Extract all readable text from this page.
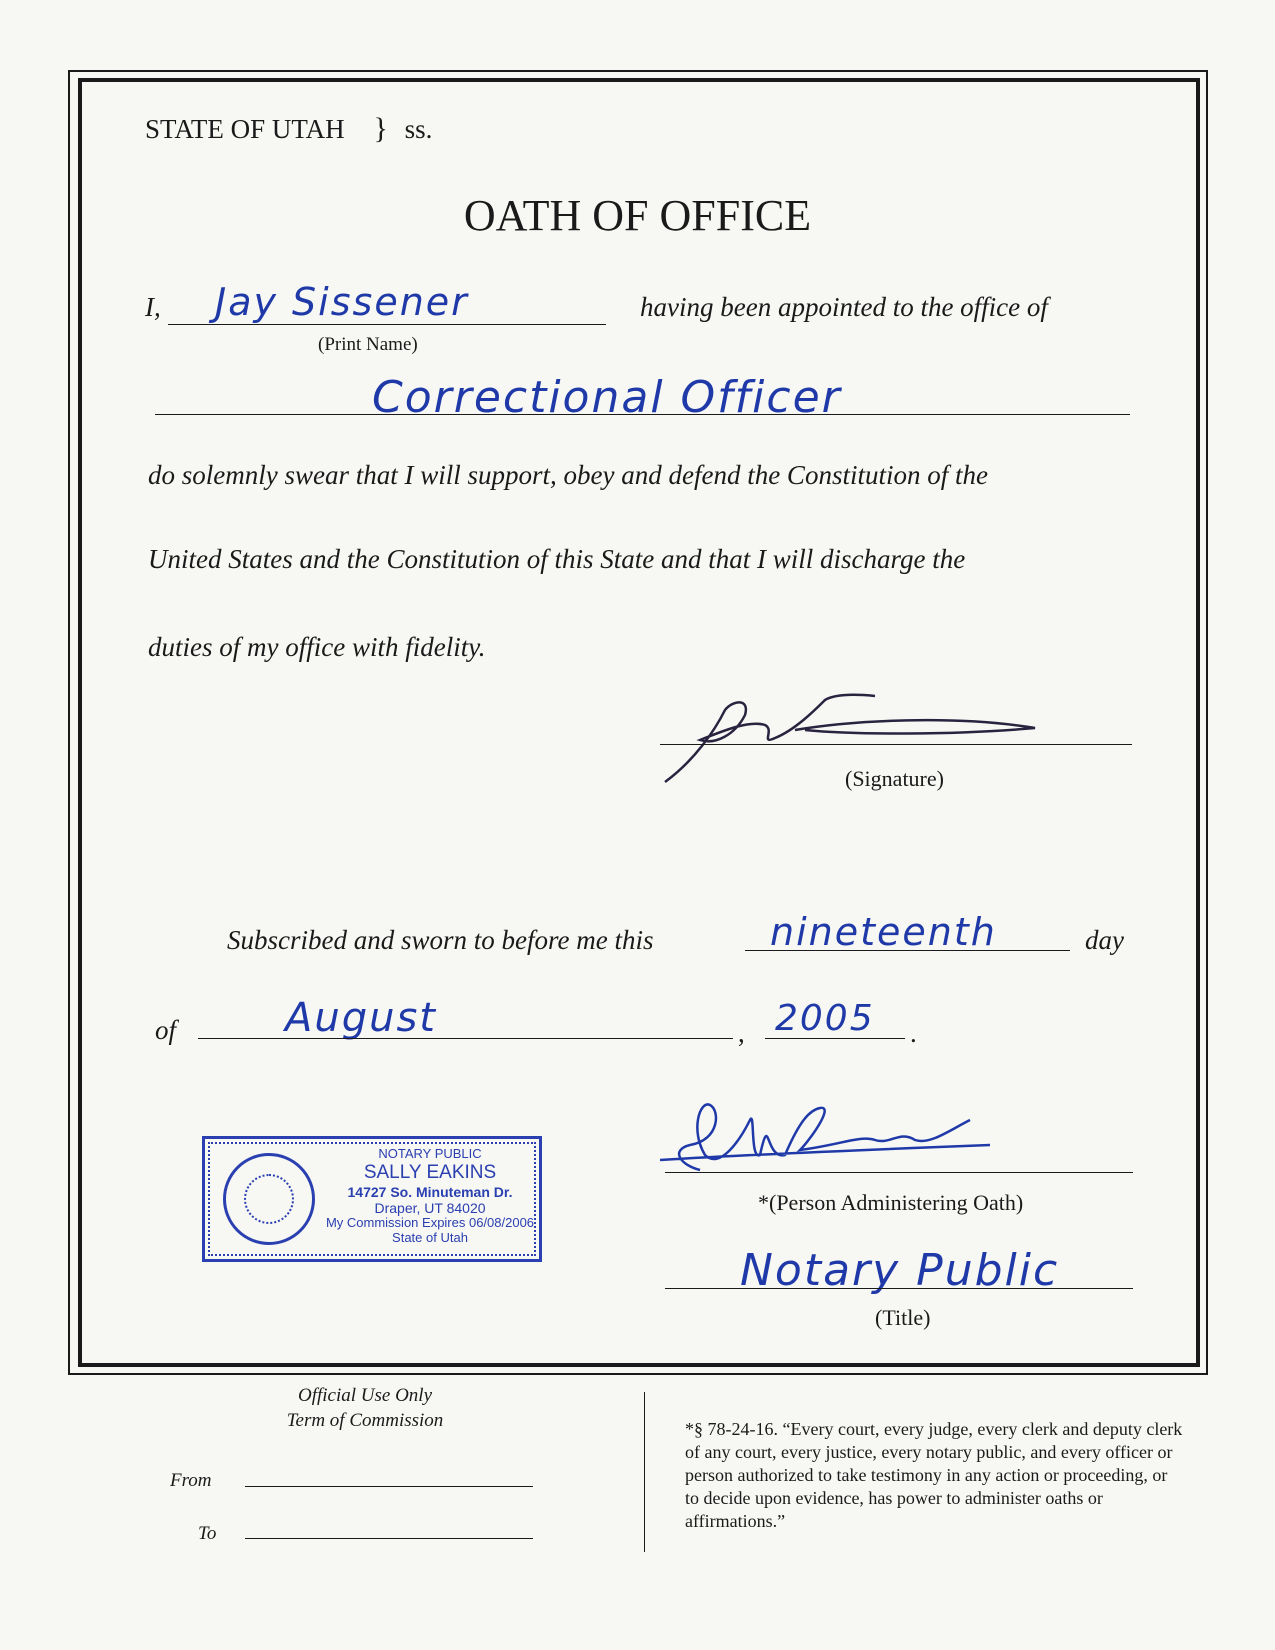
STATE OF UTAH } ss.
OATH OF OFFICE
I, Jay Sissener
(Print Name)
having been appointed to the office of
Correctional Officer
do solemnly swear that I will support, obey and defend the Constitution of the
United States and the Constitution of this State and that I will discharge the
duties of my office with fidelity.
(Signature)
Subscribed and sworn to before me this	nineteenth	day
of	August	, 2005 .
NOTARY PUBLIC
SALLY EAKINS
14727 So. Minuteman Dr.
Draper, UT 84020
My Commission Expires 06/08/2006
State of Utah
*(Person Administering Oath)
Notary Public
(Title)
Official Use Only
Term of Commission
From
To
*§ 78-24-16. “Every court, every judge, every clerk and deputy clerk of any court, every justice, every notary public, and every officer or person authorized to take testimony in any action or proceeding, or to decide upon evidence, has power to administer oaths or affirmations.”
